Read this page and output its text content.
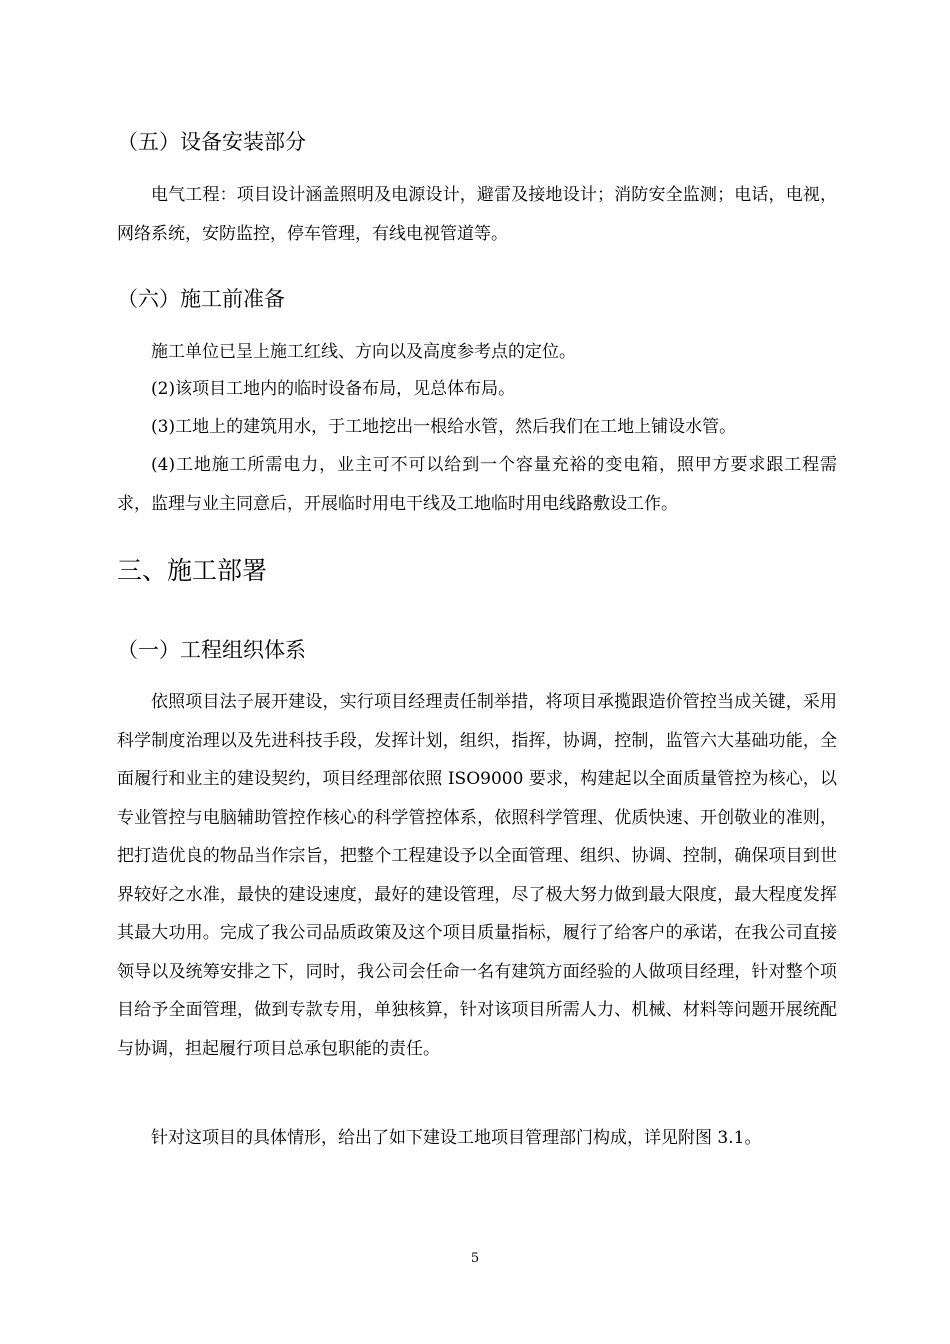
（五）设备安装部分

电气工程：项目设计涵盖照明及电源设计，避雷及接地设计；消防安全监测；电话，电视，网络系统，安防监控，停车管理，有线电视管道等。

（六）施工前准备

施工单位已呈上施工红线、方向以及高度参考点的定位。

(2)该项目工地内的临时设备布局，见总体布局。

(3)工地上的建筑用水，于工地挖出一根给水管，然后我们在工地上铺设水管。

(4)工地施工所需电力，业主可不可以给到一个容量充裕的变电箱，照甲方要求跟工程需求，监理与业主同意后，开展临时用电干线及工地临时用电线路敷设工作。

三、施工部署
（一）工程组织体系

依照项目法子展开建设，实行项目经理责任制举措，将项目承揽跟造价管控当成关键，采用科学制度治理以及先进科技手段，发挥计划，组织，指挥，协调，控制，监管六大基础功能，全面履行和业主的建设契约，项目经理部依照 ISO9000 要求，构建起以全面质量管控为核心，以专业管控与电脑辅助管控作核心的科学管控体系，依照科学管理、优质快速、开创敬业的准则，把打造优良的物品当作宗旨，把整个工程建设予以全面管理、组织、协调、控制，确保项目到世界较好之水准，最快的建设速度，最好的建设管理，尽了极大努力做到最大限度，最大程度发挥其最大功用。完成了我公司品质政策及这个项目质量指标，履行了给客户的承诺，在我公司直接领导以及统筹安排之下，同时，我公司会任命一名有建筑方面经验的人做项目经理，针对整个项目给予全面管理，做到专款专用，单独核算，针对该项目所需人力、机械、材料等问题开展统配与协调，担起履行项目总承包职能的责任。

针对这项目的具体情形，给出了如下建设工地项目管理部门构成，详见附图 3.1。

5
